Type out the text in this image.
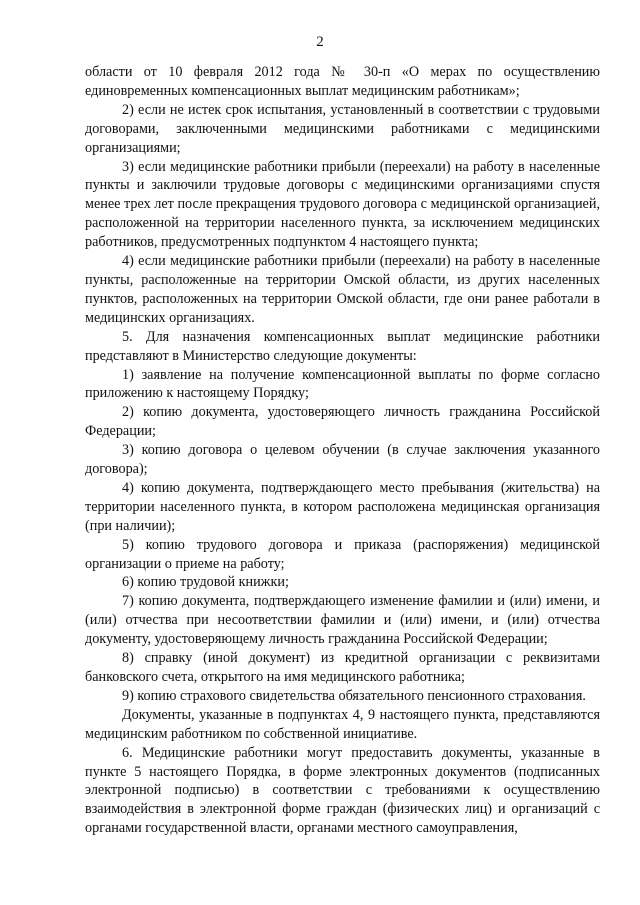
2

области от 10 февраля 2012 года № 30-п «О мерах по осуществлению единовременных компенсационных выплат медицинским работникам»;

2) если не истек срок испытания, установленный в соответствии с трудовыми договорами, заключенными медицинскими работниками с медицинскими организациями;

3) если медицинские работники прибыли (переехали) на работу в населенные пункты и заключили трудовые договоры с медицинскими организациями спустя менее трех лет после прекращения трудового договора с медицинской организацией, расположенной на территории населенного пункта, за исключением медицинских работников, предусмотренных подпунктом 4 настоящего пункта;

4) если медицинские работники прибыли (переехали) на работу в населенные пункты, расположенные на территории Омской области, из других населенных пунктов, расположенных на территории Омской области, где они ранее работали в медицинских организациях.

5. Для назначения компенсационных выплат медицинские работники представляют в Министерство следующие документы:

1) заявление на получение компенсационной выплаты по форме согласно приложению к настоящему Порядку;

2) копию документа, удостоверяющего личность гражданина Российской Федерации;

3) копию договора о целевом обучении (в случае заключения указанного договора);

4) копию документа, подтверждающего место пребывания (жительства) на территории населенного пункта, в котором расположена медицинская организация (при наличии);

5) копию трудового договора и приказа (распоряжения) медицинской организации о приеме на работу;

6) копию трудовой книжки;

7) копию документа, подтверждающего изменение фамилии и (или) имени, и (или) отчества при несоответствии фамилии и (или) имени, и (или) отчества документу, удостоверяющему личность гражданина Российской Федерации;

8) справку (иной документ) из кредитной организации с реквизитами банковского счета, открытого на имя медицинского работника;

9) копию страхового свидетельства обязательного пенсионного страхования.

Документы, указанные в подпунктах 4, 9 настоящего пункта, представляются медицинским работником по собственной инициативе.

6. Медицинские работники могут предоставить документы, указанные в пункте 5 настоящего Порядка, в форме электронных документов (подписанных электронной подписью) в соответствии с требованиями к осуществлению взаимодействия в электронной форме граждан (физических лиц) и организаций с органами государственной власти, органами местного самоуправления,
